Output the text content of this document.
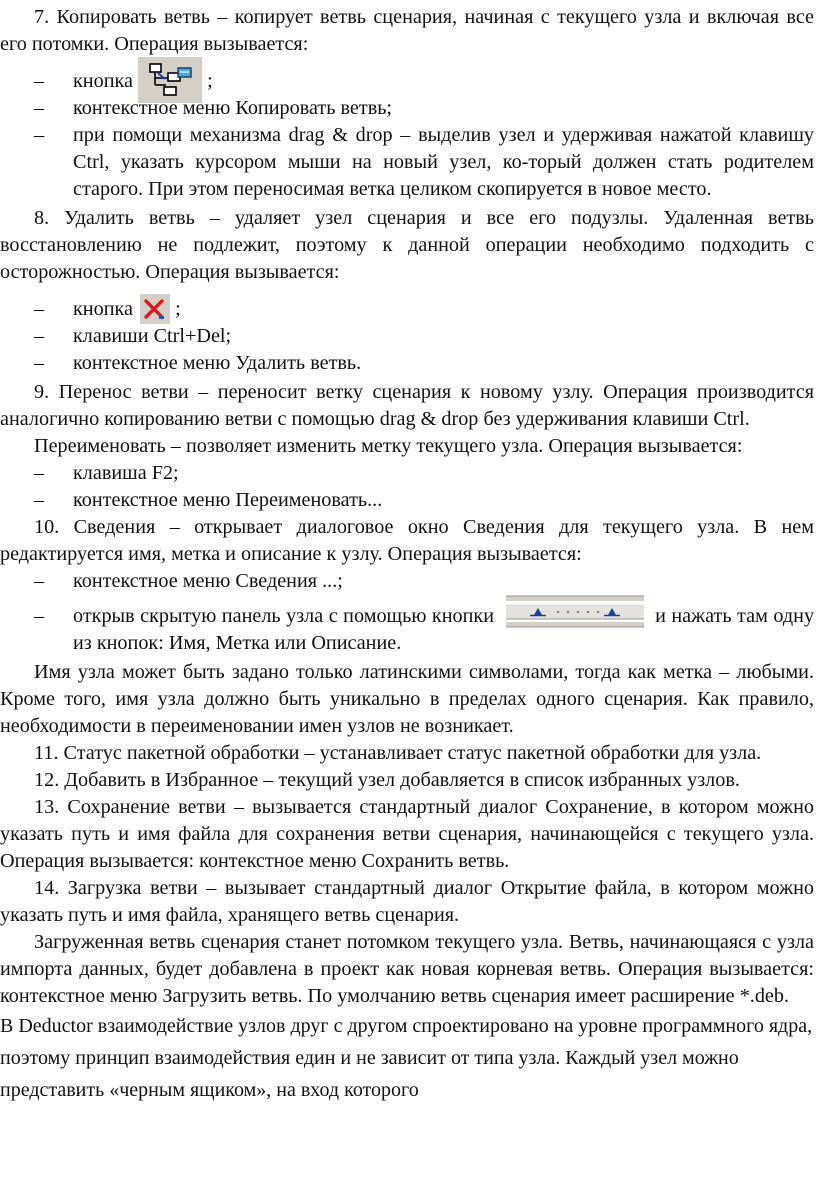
7. Копировать ветвь – копирует ветвь сценария, начиная с текущего узла и включая все его потомки. Операция вызывается:

– кнопка	;
– контекстное меню Копировать ветвь;
– при помощи механизма drag & drop – выделив узел и удерживая нажатой клавишу Ctrl, указать курсором мыши на новый узел, ко-торый должен стать родителем старого. При этом переносимая ветка целиком скопируется в новое место.

8. Удалить ветвь – удаляет узел сценария и все его подузлы. Удаленная ветвь восстановлению не подлежит, поэтому к данной операции необходимо подходить с осторожностью. Операция вызывается:

– кнопка ;
– клавиши Ctrl+Del;
– контекстное меню Удалить ветвь.

9. Перенос ветви – переносит ветку сценария к новому узлу. Операция производится аналогично копированию ветви с помощью drag & drop без удерживания клавиши Ctrl.

Переименовать – позволяет изменить метку текущего узла. Операция вызывается:

– клавиша F2;
– контекстное меню Переименовать...

10. Сведения – открывает диалоговое окно Сведения для текущего узла. В нем редактируется имя, метка и описание к узлу. Операция вызывается:

– контекстное меню Сведения ...;
– открыв скрытую панель узла с помощью кнопки	и нажать там одну из кнопок: Имя, Метка или Описание.

Имя узла может быть задано только латинскими символами, тогда как метка – любыми. Кроме того, имя узла должно быть уникально в пределах одного сценария. Как правило, необходимости в переименовании имен узлов не возникает.

11. Статус пакетной обработки – устанавливает статус пакетной обработки для узла.

12. Добавить в Избранное – текущий узел добавляется в список избранных узлов.

13. Сохранение ветви – вызывается стандартный диалог Сохранение, в котором можно указать путь и имя файла для сохранения ветви сценария, начинающейся с текущего узла. Операция вызывается: контекстное меню Сохранить ветвь.

14. Загрузка ветви – вызывает стандартный диалог Открытие файла, в котором можно указать путь и имя файла, хранящего ветвь сценария.

Загруженная ветвь сценария станет потомком текущего узла. Ветвь, начинающаяся с узла импорта данных, будет добавлена в проект как новая корневая ветвь. Операция вызывается: контекстное меню Загрузить ветвь. По умолчанию ветвь сценария имеет расширение *.deb.

В Deductor взаимодействие узлов друг с другом спроектировано на уровне программного ядра, поэтому принцип взаимодействия един и не зависит от типа узла. Каждый узел можно представить «черным ящиком», на вход которого
